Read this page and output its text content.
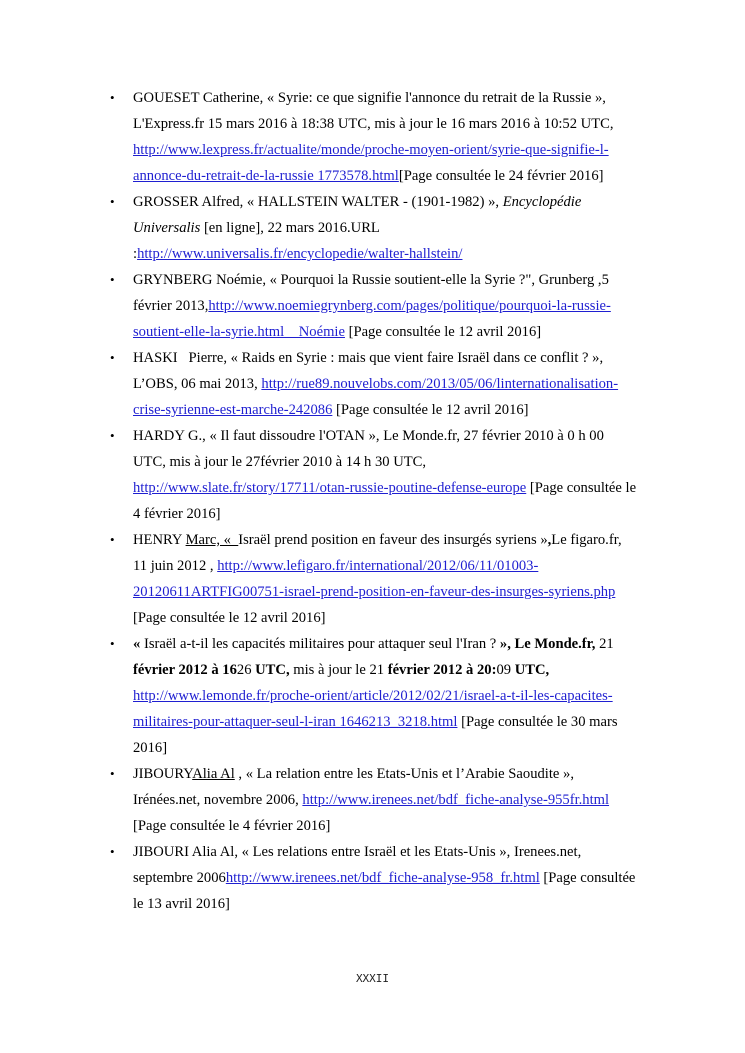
• GOUESET Catherine, « Syrie: ce que signifie l'annonce du retrait de la Russie »,
L'Express.fr 15 mars 2016 à 18:38 UTC, mis à jour le 16 mars 2016 à 10:52 UTC,
http://www.lexpress.fr/actualite/monde/proche-moyen-orient/syrie-que-signifie-l-
annonce-du-retrait-de-la-russie 1773578.html[Page consultée le 24 février 2016]
• GROSSER Alfred, « HALLSTEIN WALTER - (1901-1982) », Encyclopédie
Universalis [en ligne], 22 mars 2016.URL
:http://www.universalis.fr/encyclopedie/walter-hallstein/
• GRYNBERG Noémie, « Pourquoi la Russie soutient-elle la Syrie ?", Grunberg ,5
février 2013,http://www.noemiegrynberg.com/pages/politique/pourquoi-la-russie-
soutient-elle-la-syrie.html    Noémie [Page consultée le 12 avril 2016]
• HASKI   Pierre, « Raids en Syrie : mais que vient faire Israël dans ce conflit ? »,
L’OBS, 06 mai 2013, http://rue89.nouvelobs.com/2013/05/06/linternationalisation-
crise-syrienne-est-marche-242086 [Page consultée le 12 avril 2016]
• HARDY G., « Il faut dissoudre l'OTAN », Le Monde.fr, 27 février 2010 à 0 h 00
UTC, mis à jour le 27février 2010 à 14 h 30 UTC,
http://www.slate.fr/story/17711/otan-russie-poutine-defense-europe [Page consultée le
4 février 2016]
• HENRY Marc, «  Israël prend position en faveur des insurgés syriens »,Le figaro.fr,
11 juin 2012 , http://www.lefigaro.fr/international/2012/06/11/01003-
20120611ARTFIG00751-israel-prend-position-en-faveur-des-insurges-syriens.php
[Page consultée le 12 avril 2016]
• « Israël a-t-il les capacités militaires pour attaquer seul l'Iran ? », Le Monde.fr, 21
février 2012 à 1626 UTC, mis à jour le 21 février 2012 à 20:09 UTC,
http://www.lemonde.fr/proche-orient/article/2012/02/21/israel-a-t-il-les-capacites-
militaires-pour-attaquer-seul-l-iran 1646213_3218.html [Page consultée le 30 mars
2016]
• JIBOURYAlia Al , « La relation entre les Etats-Unis et l’Arabie Saoudite »,
Irénées.net, novembre 2006, http://www.irenees.net/bdf_fiche-analyse-955fr.html
[Page consultée le 4 février 2016]
• JIBOURI Alia Al, « Les relations entre Israël et les Etats-Unis », Irenees.net,
septembre 2006http://www.irenees.net/bdf_fiche-analyse-958_fr.html [Page consultée
le 13 avril 2016]
XXXII
